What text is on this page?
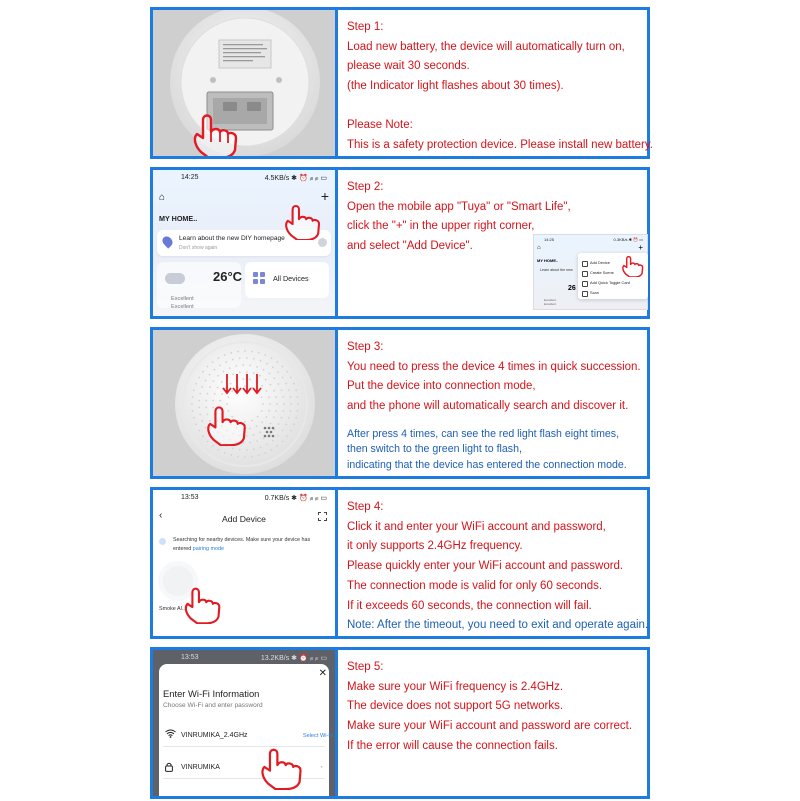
Step 1:
Load new battery, the device will automatically turn on,
please wait 30 seconds.
(the Indicator light flashes about 30 times).
Please Note:
This is a safety protection device. Please install new battery.
14:25	4.5KB/s ✱ ⏰ ᵢₗₗ ᵢₗₗ ▭
⌂	+
MY HOME..
Learn about the new DIY homepage
Don't show again
26°C
Excellent
Excellent
All Devices
Step 2:
Open the mobile app "Tuya" or "Smart Life",
click the "+" in the upper right corner,
and select "Add Device".
14:25	0.3KB/s ✱ ⏰ ▭
⌂	+
MY HOME..
Learn about the new
26
Excellent
Excellent
Add Device
Create Scene
Add Quick Toggle Card
Scan
Step 3:
You need to press the device 4 times in quick succession.
Put the device into connection mode,
and the phone will automatically search and discover it.
After press 4 times, can see the red light flash eight times,
then switch to the green light to flash,
indicating that the device has entered the connection mode.
13:53	0.7KB/s ✱ ⏰ ᵢₗₗ ᵢₗₗ ▭
‹	Add Device
Searching for nearby devices. Make sure your device has entered pairing mode
Smoke Al...
Step 4:
Click it and enter your WiFi account and password,
it only supports 2.4GHz frequency.
Please quickly enter your WiFi account and password.
The connection mode is valid for only 60 seconds.
If it exceeds 60 seconds, the connection will fail.
Note: After the timeout, you need to exit and operate again.
13:53	13.2KB/s ✱ ⏰ ᵢₗₗ ᵢₗₗ ▭
✕
Enter Wi-Fi Information
Choose Wi-Fi and enter password
VINRUMIKA_2.4GHz	Select Wi-Fi
VINRUMIKA	◔
Step 5:
Make sure your WiFi frequency is 2.4GHz.
The device does not support 5G networks.
Make sure your WiFi account and password are correct.
If the error will cause the connection fails.
